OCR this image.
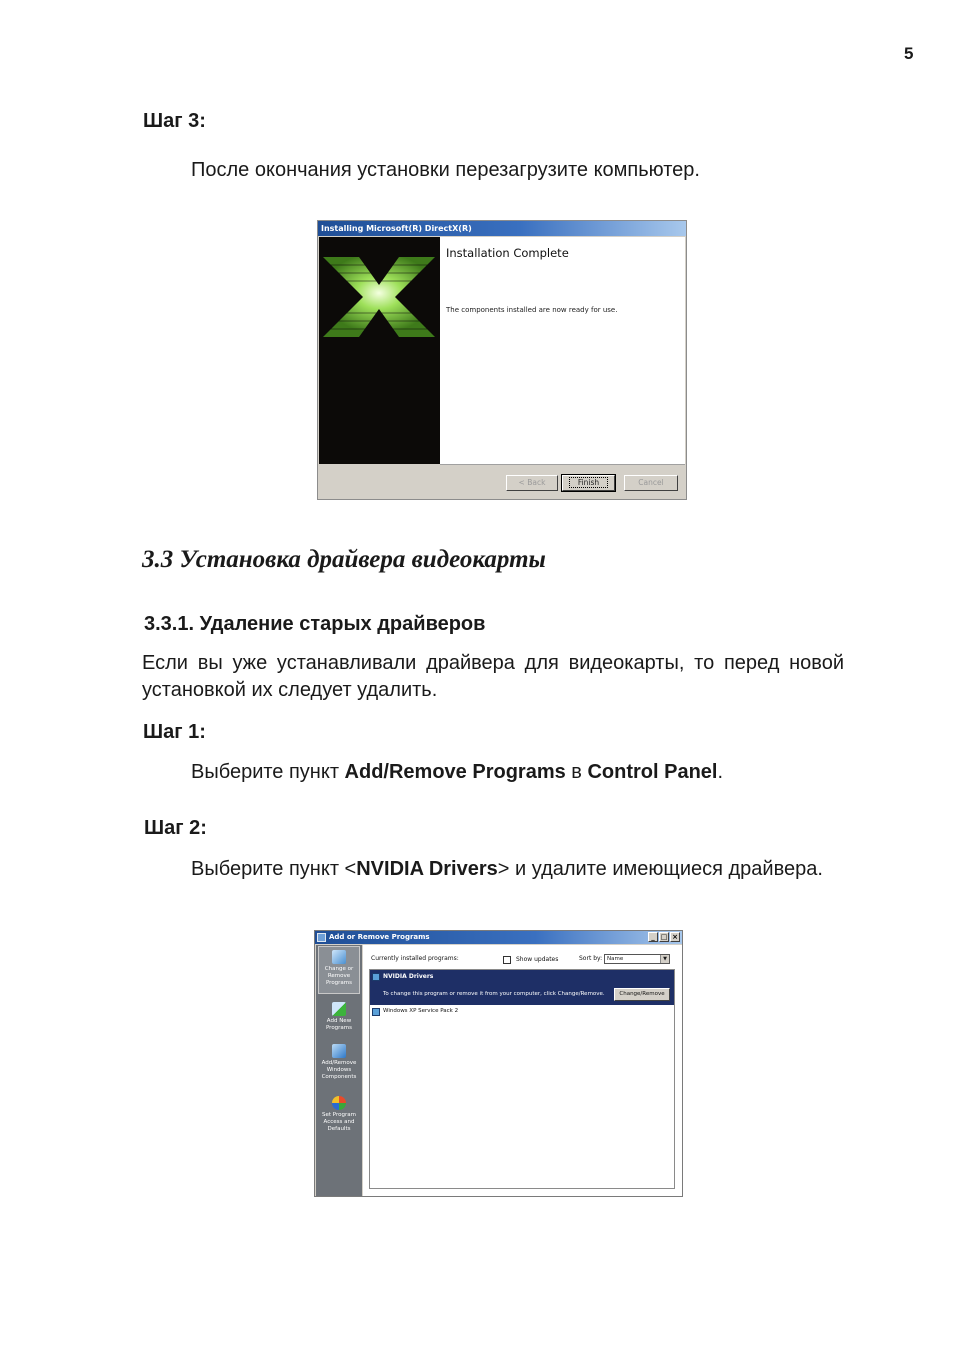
5
Шаг 3:
После окончания установки перезагрузите компьютер.
Installing Microsoft(R) DirectX(R)
Installation Complete
The components installed are now ready for use.
< Back	Finish	Cancel
3.3 Установка драйвера видеокарты
3.3.1. Удаление старых драйверов
Если вы уже устанавливали драйвера для видеокарты, то перед новой установкой их следует удалить.
Шаг 1:
Выберите пункт Add/Remove Programs в Control Panel.
Шаг 2:
Выберите пункт <NVIDIA Drivers> и удалите имеющиеся драйвера.
Add or Remove Programs	_ □ ×
Change or Remove Programs
Add New Programs
Add/Remove Windows Components
Set Program Access and Defaults
Currently installed programs:	Show updates	Sort by: Name	▼
NVIDIA Drivers
To change this program or remove it from your computer, click Change/Remove.	Change/Remove
Windows XP Service Pack 2
